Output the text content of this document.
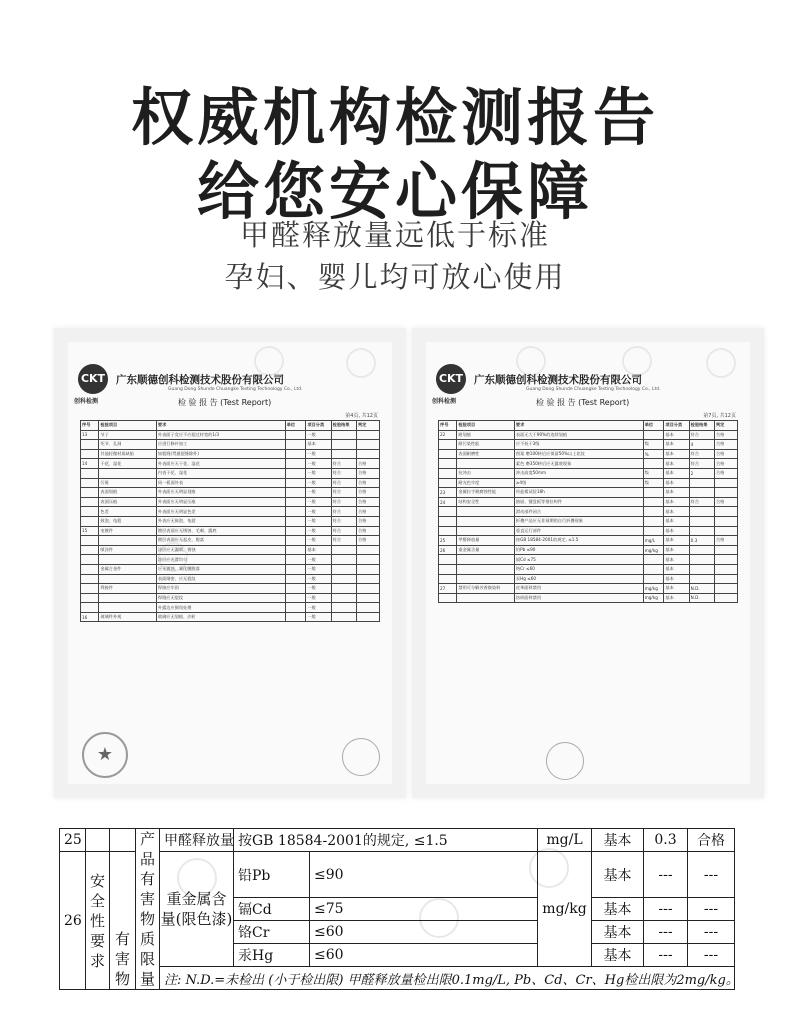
权威机构检测报告
给您安心保障
甲醛释放量远低于标准
孕妇、婴儿均可放心使用
CKT
创科检测
广东顺德创科检测技术股份有限公司
Guang Dong Shunde Chuangke Testing Technology Co., Ltd.
检 验 报 告 (Test Report)
第4页, 共12页
序号	检验项目	要求	单位	项目分类	检验结果	判定
13	节子	外表面子竞应不应超过材宽的1/3		一般		
	死节、孔洞	应进行修补加工		基本		
	其他轻微材质缺陷	如裂缝(贯通裂缝除外)		一般		
14	干花、湿花	外表面应无干花、湿花		一般	符合	合格
		内表干花、湿花		一般	符合	合格
	污斑	同一板面外表		一般	符合	合格
	表面划痕	外表面应无明显划痕		一般	符合	合格
	表面压痕	外表面应无明显压痕		一般	符合	合格
	色差	外表面应无明显色差		一般	符合	合格
	鼓泡、龟裂	外表应无鼓泡、龟裂		一般	符合	合格
15	电镀件	镀层表面应无锈蚀、毛刺、露底		一般	符合	合格
		镀层表面应无起皮、脱落		一般	符合	合格
	喷涂件	涂层应无漏喷、锈蚀		基本		
		涂层应光滑均匀		一般		
	金属合金件	应无锈蚀、氧化膜脱落		一般		
		表面细密、应无裂纹		一般		
	焊接件	焊接应牢固		一般		
		焊缝应无裂纹		一般		
		外露边应倒角处理		一般		
16	玻璃件外观	玻璃应无划痕、沙粒		一般		
★
CKT
创科检测
广东顺德创科检测技术股份有限公司
Guang Dong Shunde Chuangke Testing Technology Co., Ltd.
检 验 报 告 (Test Report)
第7页, 共12页
序号	检验项目	要求	单位	项目分类	检验结果	判定
22	耐划痕	表面无大于90%的连续划痕		基本	符合	合格
	耐污染性能	应不低于3级	级	基本	4	合格
	表面耐磨性	图案 磨100转后应保留50%以上花纹	%	基本	符合	合格
		素色 磨350转后应无露底现象		基本	符合	合格
	抗冲击	冲击高度50mm	级	基本	2	合格
	耐光色牢度	≥4级	级	基本		
23	金属拉手耐腐蚀性能	经盐雾试验18h		基本		
24	结构安全性	抽屉、键盘板等推拉构件		基本	符合	合格
		滑动部件闭合		基本		
		折叠产品应无非预期的自行折叠现象		基本		
		重直运行部件		基本		
25	甲醛释放量	按GB 18584-2001的规定, ≤1.5	mg/L	基本	0.3	合格
26	重金属含量	铅Pb ≤90	mg/kg	基本		
		镉Cd ≤75		基本		
		铬Cr ≤60		基本		
		汞Hg ≤60		基本		
27	禁用可分解芳香胺染料	皮革面料禁用	mg/kg	基本	N.D.	
		纺织面料禁用	mg/kg	基本	N.D.	
25			产品有害物质限量	甲醛释放量	按GB 18584-2001的规定, ≤1.5		mg/L	基本	0.3	合格
26	安全性要求	有害物		重金属含量(限色漆)	铅Pb	≤90	mg/kg	基本	---	---
					镉Cd	≤75		基本	---	---
					铬Cr	≤60		基本	---	---
					汞Hg	≤60		基本	---	---
				注: N.D.=未检出 (小于检出限) 甲醛释放量检出限0.1mg/L, Pb、Cd、Cr、Hg检出限为2mg/kg。						
